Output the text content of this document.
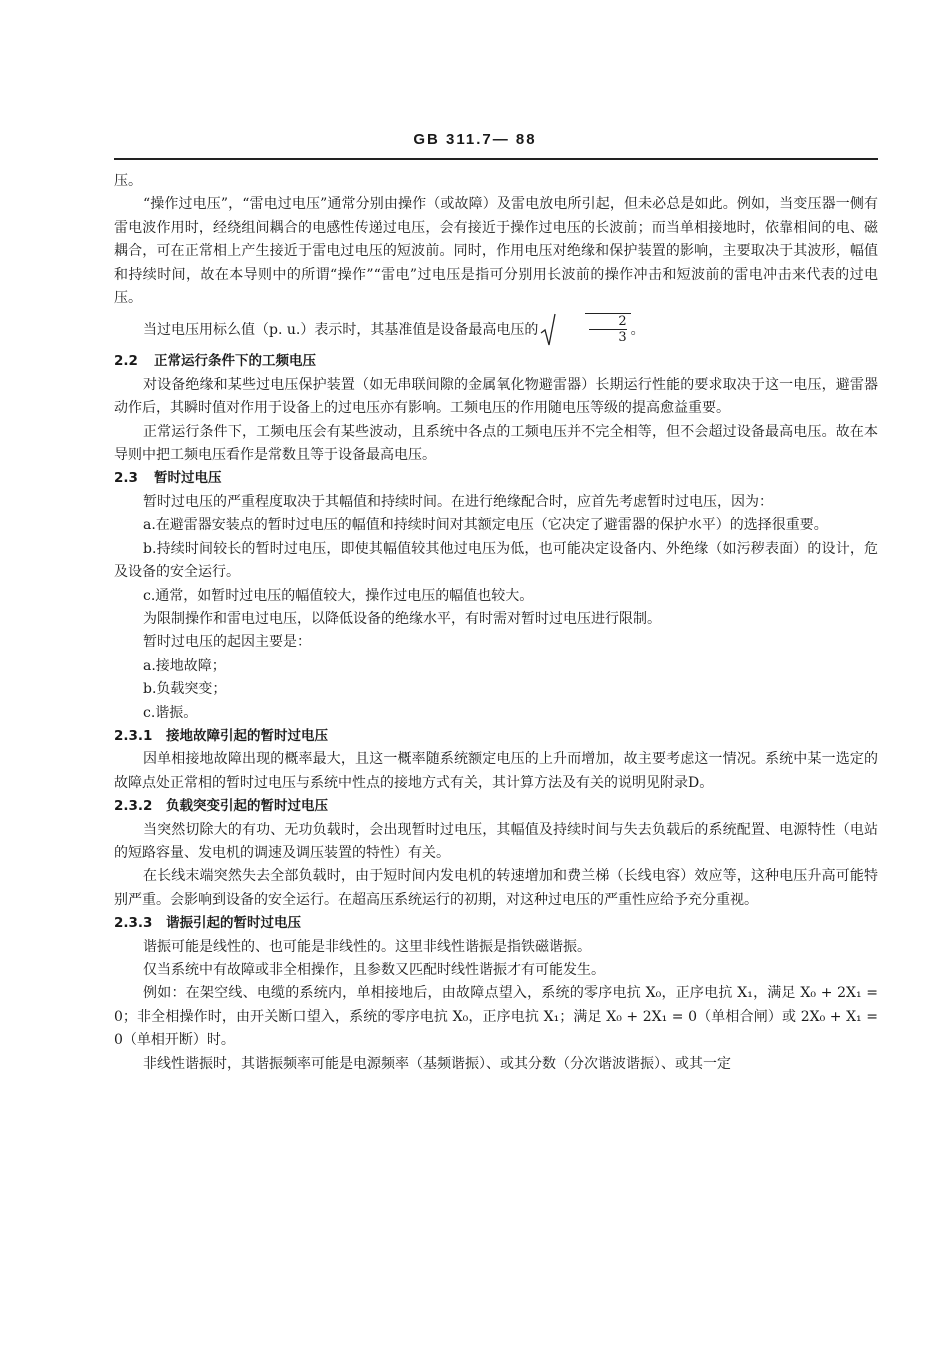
GB 311.7— 88

压。

“操作过电压”，“雷电过电压”通常分别由操作（或故障）及雷电放电所引起，但未必总是如此。例如，当变压器一侧有雷电波作用时，经绕组间耦合的电感性传递过电压，会有接近于操作过电压的长波前；而当单相接地时，依靠相间的电、磁耦合，可在正常相上产生接近于雷电过电压的短波前。同时，作用电压对绝缘和保护装置的影响，主要取决于其波形，幅值和持续时间，故在本导则中的所谓“操作”“雷电”过电压是指可分别用长波前的操作冲击和短波前的雷电冲击来代表的过电压。

当过电压用标么值（p. u.）表示时，其基准值是设备最高电压的	$\frac{2}{3}$ 。

2.2 正常运行条件下的工频电压

对设备绝缘和某些过电压保护装置（如无串联间隙的金属氧化物避雷器）长期运行性能的要求取决于这一电压，避雷器动作后，其瞬时值对作用于设备上的过电压亦有影响。工频电压的作用随电压等级的提高愈益重要。

正常运行条件下，工频电压会有某些波动，且系统中各点的工频电压并不完全相等，但不会超过设备最高电压。故在本导则中把工频电压看作是常数且等于设备最高电压。

2.3 暂时过电压

暂时过电压的严重程度取决于其幅值和持续时间。在进行绝缘配合时，应首先考虑暂时过电压，因为：

a.在避雷器安装点的暂时过电压的幅值和持续时间对其额定电压（它决定了避雷器的保护水平）的选择很重要。

b.持续时间较长的暂时过电压，即使其幅值较其他过电压为低，也可能决定设备内、外绝缘（如污秽表面）的设计，危及设备的安全运行。

c.通常，如暂时过电压的幅值较大，操作过电压的幅值也较大。

为限制操作和雷电过电压，以降低设备的绝缘水平，有时需对暂时过电压进行限制。

暂时过电压的起因主要是：

a.接地故障；

b.负载突变；

c.谐振。

2.3.1 接地故障引起的暂时过电压

因单相接地故障出现的概率最大，且这一概率随系统额定电压的上升而增加，故主要考虑这一情况。系统中某一选定的故障点处正常相的暂时过电压与系统中性点的接地方式有关，其计算方法及有关的说明见附录D。

2.3.2 负载突变引起的暂时过电压

当突然切除大的有功、无功负载时，会出现暂时过电压，其幅值及持续时间与失去负载后的系统配置、电源特性（电站的短路容量、发电机的调速及调压装置的特性）有关。

在长线末端突然失去全部负载时，由于短时间内发电机的转速增加和费兰梯（长线电容）效应等，这种电压升高可能特别严重。会影响到设备的安全运行。在超高压系统运行的初期，对这种过电压的严重性应给予充分重视。

2.3.3 谐振引起的暂时过电压

谐振可能是线性的、也可能是非线性的。这里非线性谐振是指铁磁谐振。

仅当系统中有故障或非全相操作，且参数又匹配时线性谐振才有可能发生。

例如：在架空线、电缆的系统内，单相接地后，由故障点望入，系统的零序电抗 X₀，正序电抗 X₁，满足 X₀ + 2X₁ = 0；非全相操作时，由开关断口望入，系统的零序电抗 X₀，正序电抗 X₁；满足 X₀ + 2X₁ = 0（单相合闸）或 2X₀ + X₁ = 0（单相开断）时。

非线性谐振时，其谐振频率可能是电源频率（基频谐振）、或其分数（分次谐波谐振）、或其一定
